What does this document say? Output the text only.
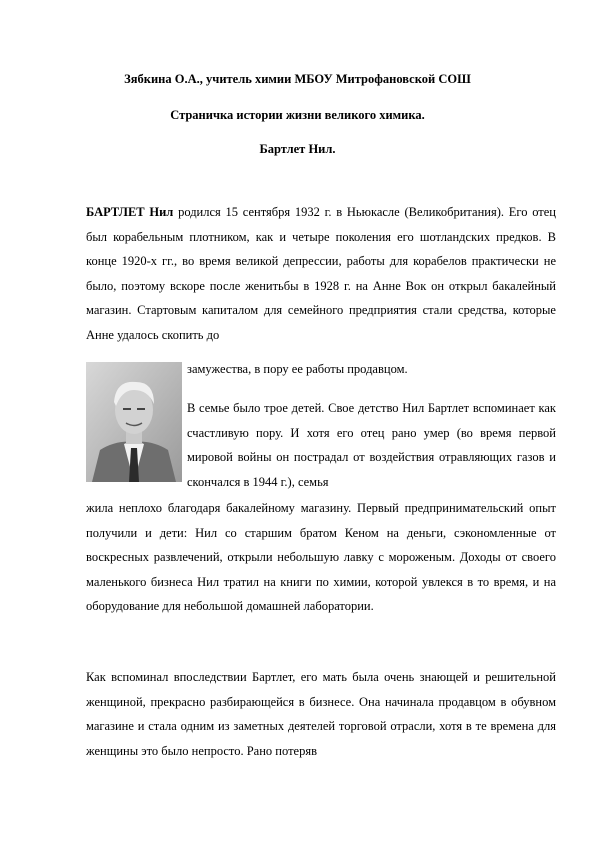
Зябкина О.А., учитель химии МБОУ Митрофановской СОШ
Страничка истории жизни великого химика.
Бартлет Нил.
БАРТЛЕТ Нил родился 15 сентября 1932 г. в Ньюкасле (Великобритания). Его отец был корабельным плотником, как и четыре поколения его шотландских предков. В конце 1920-х гг., во время великой депрессии, работы для корабелов практически не было, поэтому вскоре после женитьбы в 1928 г. на Анне Вок он открыл бакалейный магазин. Стартовым капиталом для семейного предприятия стали средства, которые Анне удалось скопить до
замужества, в пору ее работы продавцом.
В семье было трое детей. Свое детство Нил Бартлет вспоминает как счастливую пору. И хотя его отец рано умер (во время первой мировой войны он пострадал от воздействия отравляющих газов и скончался в 1944 г.), семья
жила неплохо благодаря бакалейному магазину. Первый предпринимательский опыт получили и дети: Нил со старшим братом Кеном на деньги, сэкономленные от воскресных развлечений, открыли небольшую лавку с мороженым. Доходы от своего маленького бизнеса Нил тратил на книги по химии, которой увлекся в то время, и на оборудование для небольшой домашней лаборатории.
Как вспоминал впоследствии Бартлет, его мать была очень знающей и решительной женщиной, прекрасно разбирающейся в бизнесе. Она начинала продавцом в обувном магазине и стала одним из заметных деятелей торговой отрасли, хотя в те времена для женщины это было непросто. Рано потеряв
